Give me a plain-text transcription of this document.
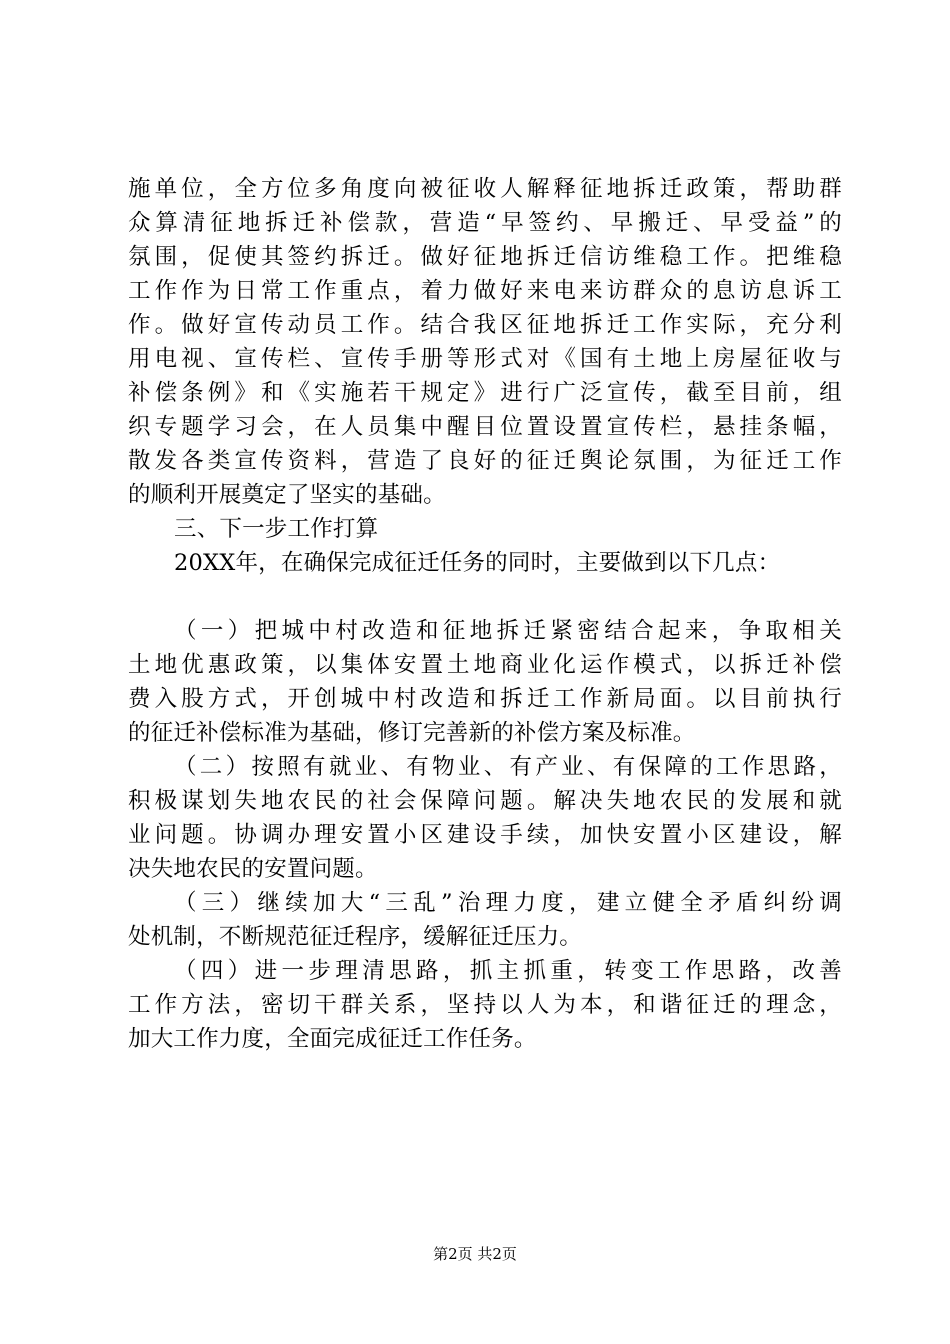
施单位，全方位多角度向被征收人解释征地拆迁政策，帮助群
众算清征地拆迁补偿款，营造“早签约、早搬迁、早受益”的
氛围，促使其签约拆迁。做好征地拆迁信访维稳工作。把维稳
工作作为日常工作重点，着力做好来电来访群众的息访息诉工
作。做好宣传动员工作。结合我区征地拆迁工作实际，充分利
用电视、宣传栏、宣传手册等形式对《国有土地上房屋征收与
补偿条例》和《实施若干规定》进行广泛宣传，截至目前，组
织专题学习会，在人员集中醒目位置设置宣传栏，悬挂条幅，
散发各类宣传资料，营造了良好的征迁舆论氛围，为征迁工作
的顺利开展奠定了坚实的基础。
三、下一步工作打算
20XX年，在确保完成征迁任务的同时，主要做到以下几点：
（一）把城中村改造和征地拆迁紧密结合起来，争取相关
土地优惠政策，以集体安置土地商业化运作模式，以拆迁补偿
费入股方式，开创城中村改造和拆迁工作新局面。以目前执行
的征迁补偿标准为基础，修订完善新的补偿方案及标准。
（二）按照有就业、有物业、有产业、有保障的工作思路，
积极谋划失地农民的社会保障问题。解决失地农民的发展和就
业问题。协调办理安置小区建设手续，加快安置小区建设，解
决失地农民的安置问题。
（三）继续加大“三乱”治理力度，建立健全矛盾纠纷调
处机制，不断规范征迁程序，缓解征迁压力。
（四）进一步理清思路，抓主抓重，转变工作思路，改善
工作方法，密切干群关系，坚持以人为本，和谐征迁的理念，
加大工作力度，全面完成征迁工作任务。
第2页 共2页
